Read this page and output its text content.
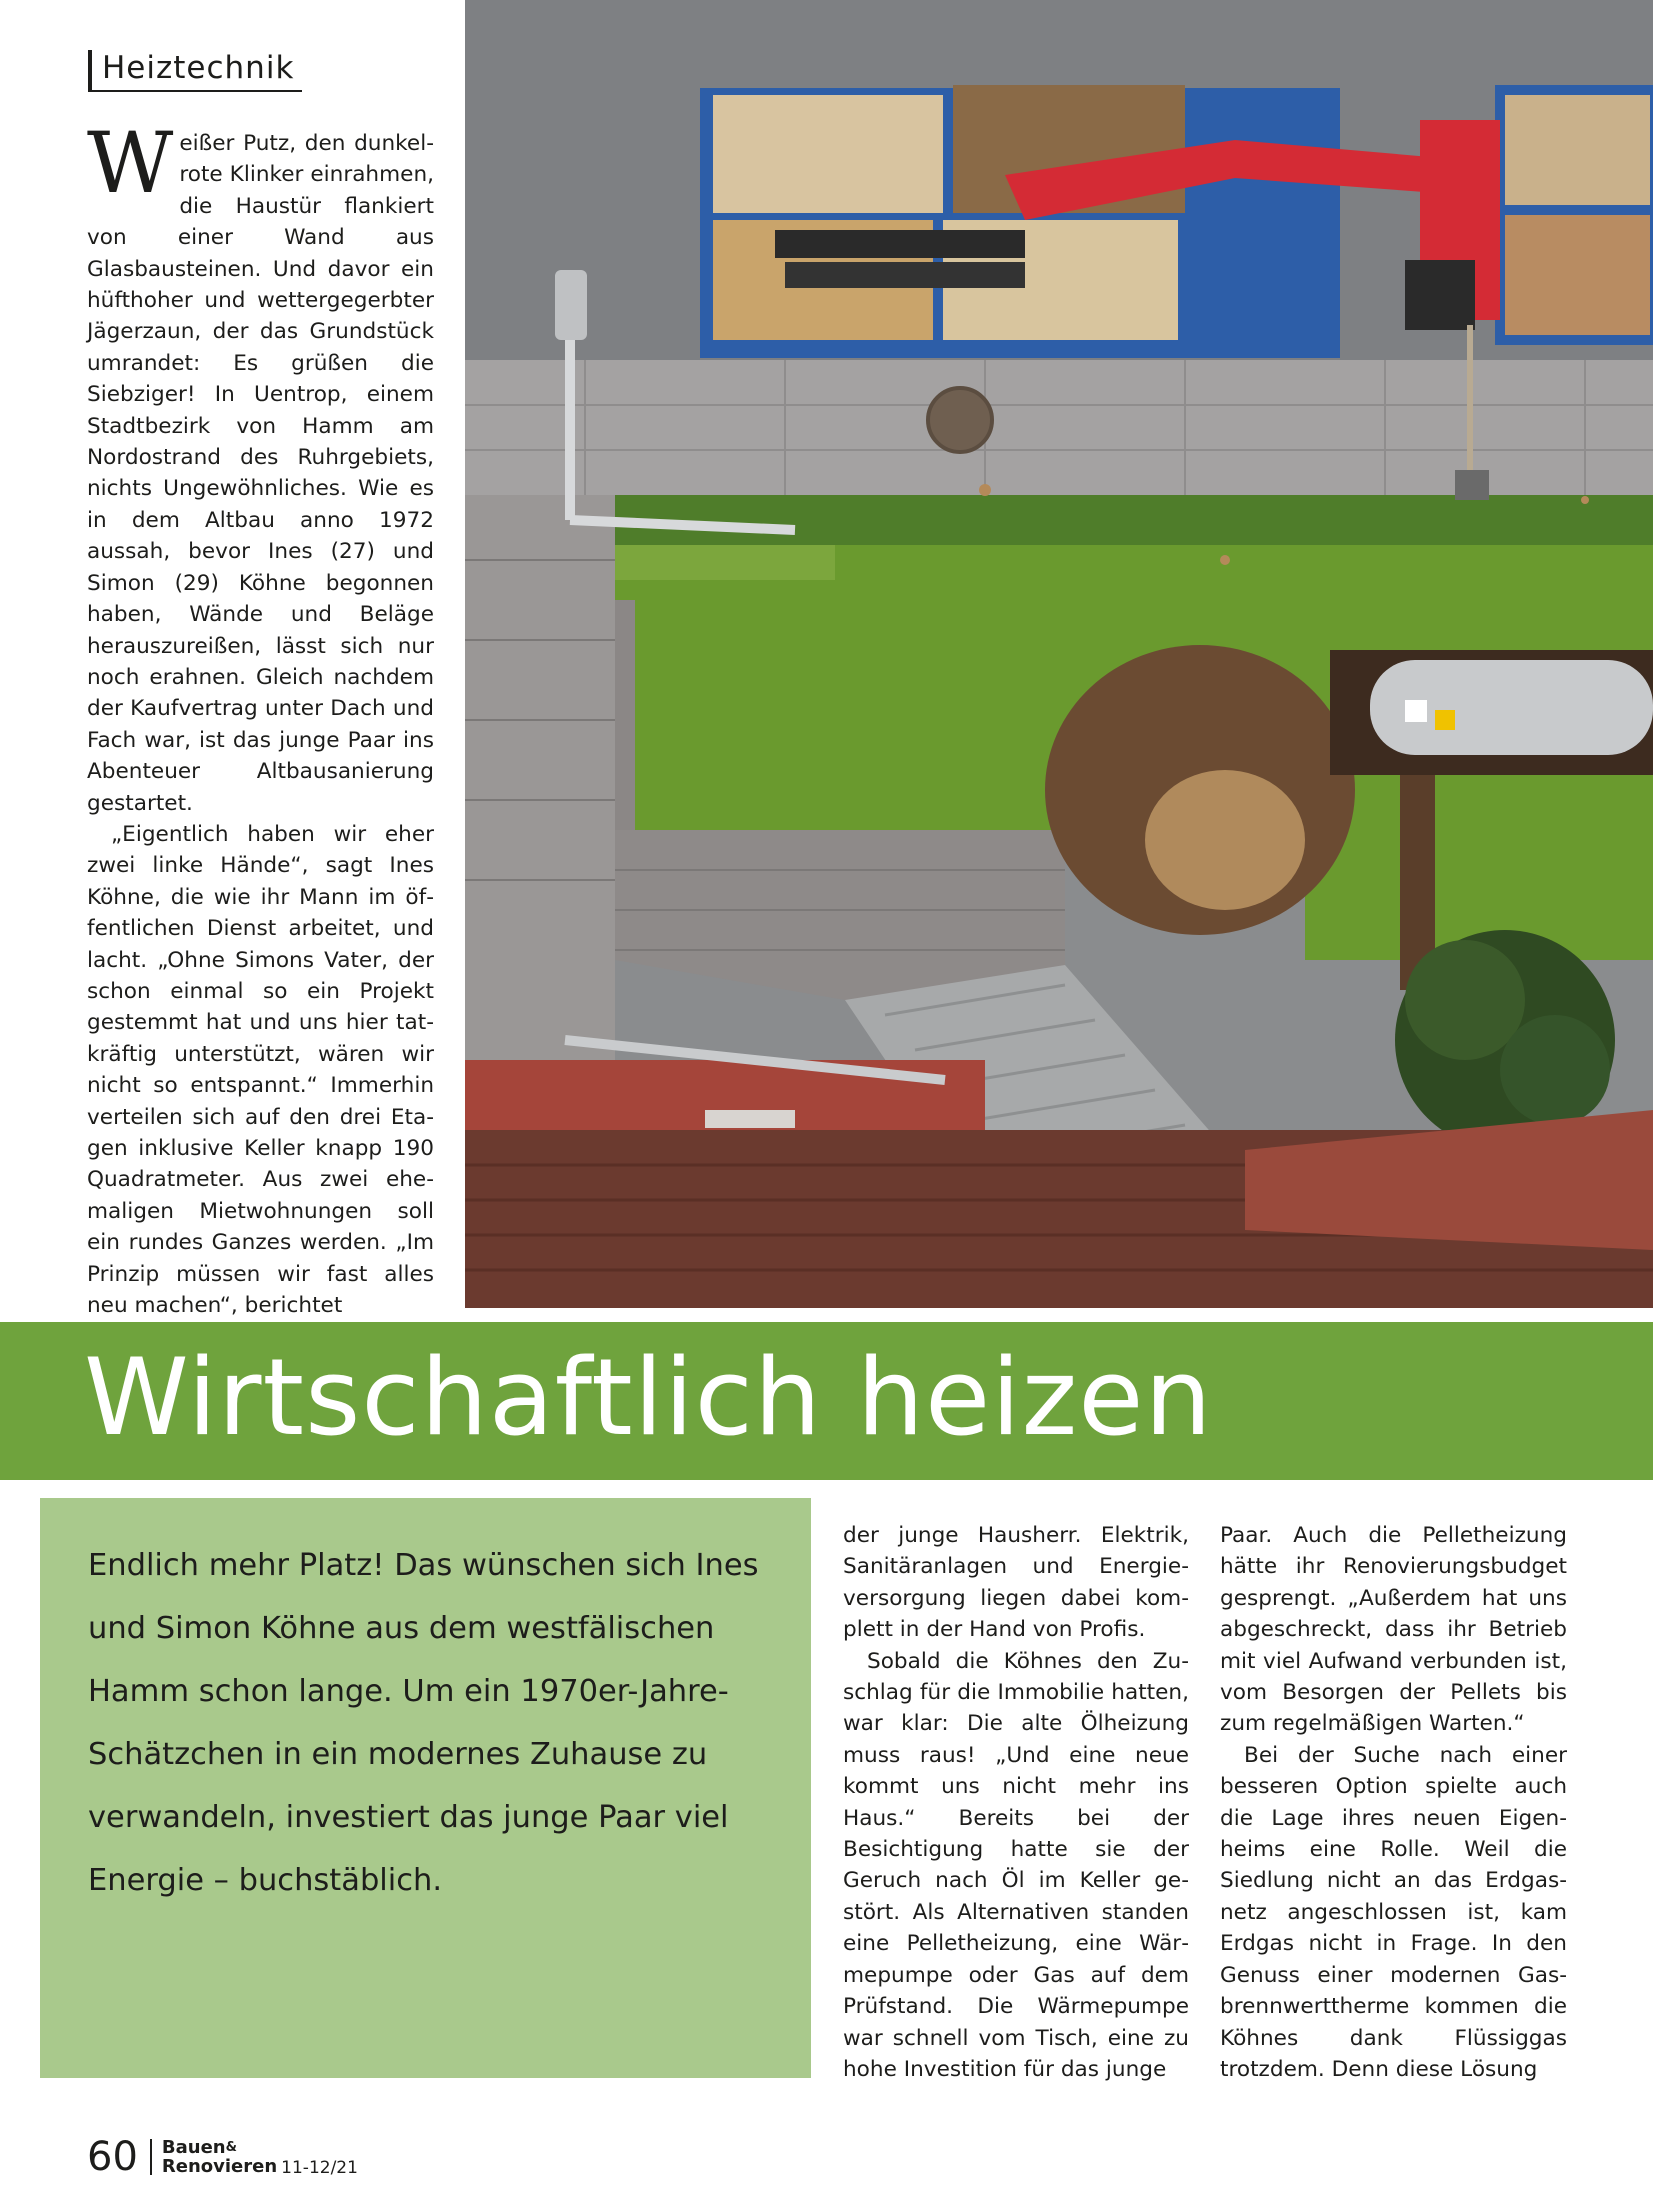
Heiztechnik

Weißer Putz, den dunkelrote Klinker einrahmen, die Haustür flankiert von einer Wand aus Glasbausteinen. Und davor ein hüfthoher und wettergegerbter Jägerzaun, der das Grundstück umrandet: Es grüßen die Siebziger! In Uentrop, einem Stadtbezirk von Hamm am Nordostrand des Ruhrgebiets, nichts Ungewöhnliches. Wie es in dem Altbau anno 1972 aussah, bevor Ines (27) und Simon (29) Köhne begonnen haben, Wände und Beläge herauszureißen, lässt sich nur noch erahnen. Gleich nachdem der Kaufvertrag unter Dach und Fach war, ist das junge Paar ins Abenteuer Altbausanierung gestartet.

„Eigentlich haben wir eher zwei linke Hände“, sagt Ines Köhne, die wie ihr Mann im öffentlichen Dienst arbeitet, und lacht. „Ohne Simons Vater, der schon einmal so ein Projekt gestemmt hat und uns hier tatkräftig unterstützt, wären wir nicht so entspannt.“ Immerhin verteilen sich auf den drei Etagen inklusive Keller knapp 190 Quadratmeter. Aus zwei ehemaligen Mietwohnungen soll ein rundes Ganzes werden. „Im Prinzip müssen wir fast alles neu machen“, berichtet

Wirtschaftlich heizen

Endlich mehr Platz! Das wünschen sich Ines und Simon Köhne aus dem westfälischen Hamm schon lange. Um ein 1970er-Jahre-Schätzchen in ein modernes Zuhause zu verwandeln, investiert das junge Paar viel Energie – buchstäblich.

der junge Hausherr. Elektrik, Sanitäranlagen und Energieversorgung liegen dabei komplett in der Hand von Profis.

Sobald die Köhnes den Zuschlag für die Immobilie hatten, war klar: Die alte Ölheizung muss raus! „Und eine neue kommt uns nicht mehr ins Haus.“ Bereits bei der Besichtigung hatte sie der Geruch nach Öl im Keller gestört. Als Alternativen standen eine Pelletheizung, eine Wärmepumpe oder Gas auf dem Prüfstand. Die Wärmepumpe war schnell vom Tisch, eine zu hohe Investition für das junge

Paar. Auch die Pelletheizung hätte ihr Renovierungsbudget gesprengt. „Außerdem hat uns abgeschreckt, dass ihr Betrieb mit viel Aufwand verbunden ist, vom Besorgen der Pellets bis zum regelmäßigen Warten.“

Bei der Suche nach einer besseren Option spielte auch die Lage ihres neuen Eigenheims eine Rolle. Weil die Siedlung nicht an das Erdgasnetz angeschlossen ist, kam Erdgas nicht in Frage. In den Genuss einer modernen Gasbrennwerttherme kommen die Köhnes dank Flüssiggas trotzdem. Denn diese Lösung

60 Bauen&
Renovieren 11-12/21
